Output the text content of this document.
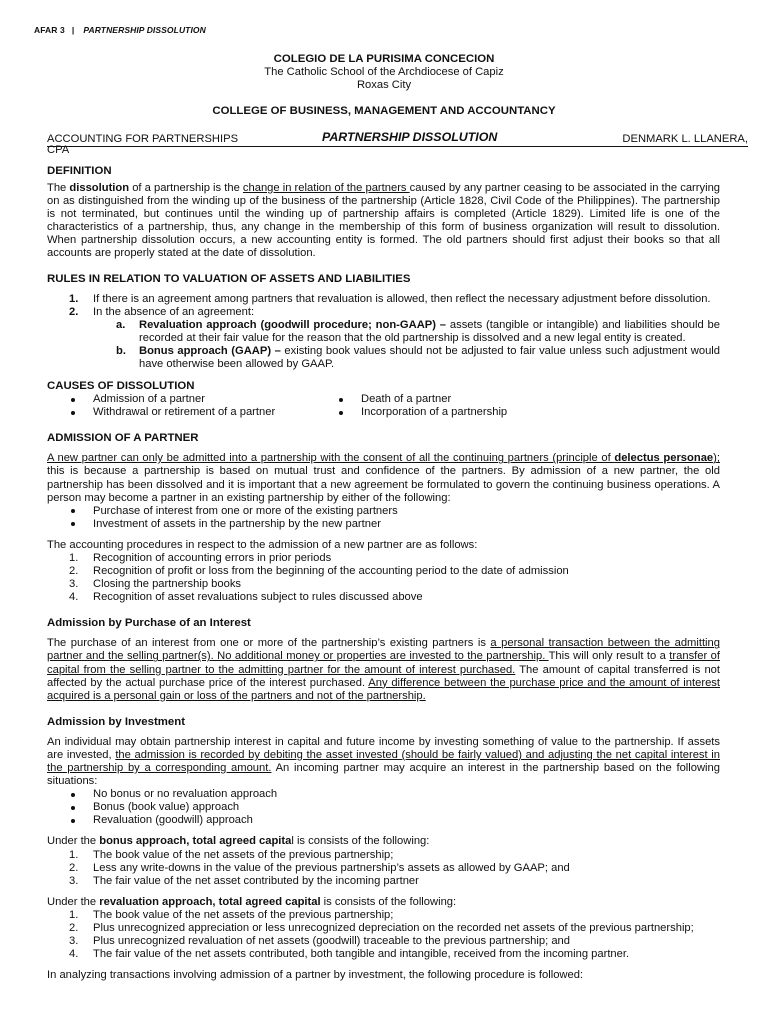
AFAR 3 | PARTNERSHIP DISSOLUTION
COLEGIO DE LA PURISIMA CONCECION
The Catholic School of the Archdiocese of Capiz
Roxas City
COLLEGE OF BUSINESS, MANAGEMENT AND ACCOUNTANCY
ACCOUNTING FOR PARTNERSHIPS	PARTNERSHIP DISSOLUTION	DENMARK L. LLANERA,
CPA
DEFINITION

The dissolution of a partnership is the change in relation of the partners caused by any partner ceasing to be associated in the carrying on as distinguished from the winding up of the business of the partnership (Article 1828, Civil Code of the Philippines). The partnership is not terminated, but continues until the winding up of partnership affairs is completed (Article 1829). Limited life is one of the characteristics of a partnership, thus, any change in the membership of this form of business organization will result to dissolution. When partnership dissolution occurs, a new accounting entity is formed. The old partners should first adjust their books so that all accounts are properly stated at the date of dissolution.

RULES IN RELATION TO VALUATION OF ASSETS AND LIABILITIES
1. If there is an agreement among partners that revaluation is allowed, then reflect the necessary adjustment before dissolution.
2. In the absence of an agreement:
a. Revaluation approach (goodwill procedure; non-GAAP) – assets (tangible or intangible) and liabilities should be recorded at their fair value for the reason that the old partnership is dissolved and a new legal entity is created.
b. Bonus approach (GAAP) – existing book values should not be adjusted to fair value unless such adjustment would have otherwise been allowed by GAAP.
CAUSES OF DISSOLUTION
Admission of a partner
Withdrawal or retirement of a partner
Death of a partner
Incorporation of a partnership
ADMISSION OF A PARTNER

A new partner can only be admitted into a partnership with the consent of all the continuing partners (principle of delectus personae); this is because a partnership is based on mutual trust and confidence of the partners. By admission of a new partner, the old partnership has been dissolved and it is important that a new agreement be formulated to govern the continuing business operations. A person may become a partner in an existing partnership by either of the following:

Purchase of interest from one or more of the existing partners
Investment of assets in the partnership by the new partner

The accounting procedures in respect to the admission of a new partner are as follows:

1. Recognition of accounting errors in prior periods
2. Recognition of profit or loss from the beginning of the accounting period to the date of admission
3. Closing the partnership books
4. Recognition of asset revaluations subject to rules discussed above
Admission by Purchase of an Interest

The purchase of an interest from one or more of the partnership’s existing partners is a personal transaction between the admitting partner and the selling partner(s). No additional money or properties are invested to the partnership. This will only result to a transfer of capital from the selling partner to the admitting partner for the amount of interest purchased. The amount of capital transferred is not affected by the actual purchase price of the interest purchased. Any difference between the purchase price and the amount of interest acquired is a personal gain or loss of the partners and not of the partnership.

Admission by Investment

An individual may obtain partnership interest in capital and future income by investing something of value to the partnership. If assets are invested, the admission is recorded by debiting the asset invested (should be fairly valued) and adjusting the net capital interest in the partnership by a corresponding amount. An incoming partner may acquire an interest in the partnership based on the following situations:

No bonus or no revaluation approach
Bonus (book value) approach
Revaluation (goodwill) approach

Under the bonus approach, total agreed capital is consists of the following:

1. The book value of the net assets of the previous partnership;
2. Less any write-downs in the value of the previous partnership’s assets as allowed by GAAP; and
3. The fair value of the net asset contributed by the incoming partner

Under the revaluation approach, total agreed capital is consists of the following:

1. The book value of the net assets of the previous partnership;
2. Plus unrecognized appreciation or less unrecognized depreciation on the recorded net assets of the previous partnership;
3. Plus unrecognized revaluation of net assets (goodwill) traceable to the previous partnership; and
4. The fair value of the net assets contributed, both tangible and intangible, received from the incoming partner.

In analyzing transactions involving admission of a partner by investment, the following procedure is followed:
